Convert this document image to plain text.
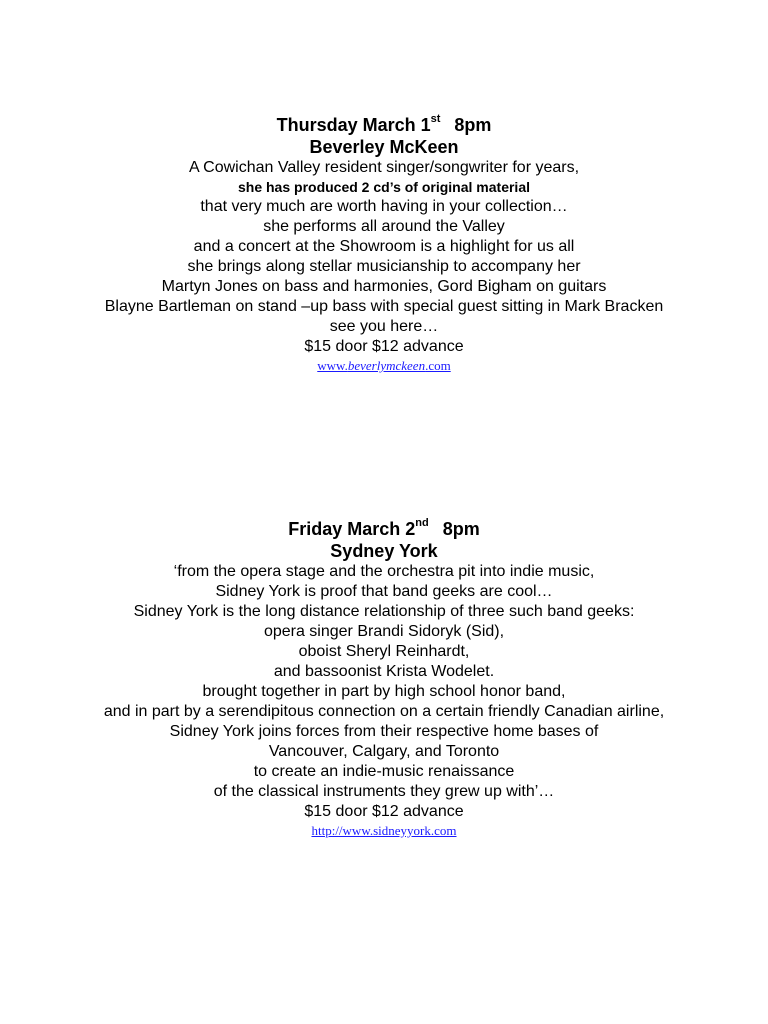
Thursday March 1st 8pm
Beverley McKeen
A Cowichan Valley resident singer/songwriter for years,
she has produced 2 cd’s of original material
that very much are worth having in your collection…
she performs all around the Valley
and a concert at the Showroom is a highlight for us all
she brings along stellar musicianship to accompany her
Martyn Jones on bass and harmonies, Gord Bigham on guitars
Blayne Bartleman on stand –up bass with special guest sitting in Mark Bracken
see you here…
$15 door $12 advance
www.beverlymckeen.com
Friday March 2nd 8pm
Sydney York
‘from the opera stage and the orchestra pit into indie music,
Sidney York is proof that band geeks are cool…
Sidney York is the long distance relationship of three such band geeks:
opera singer Brandi Sidoryk (Sid),
oboist Sheryl Reinhardt,
and bassoonist Krista Wodelet.
brought together in part by high school honor band,
and in part by a serendipitous connection on a certain friendly Canadian airline,
Sidney York joins forces from their respective home bases of
Vancouver, Calgary, and Toronto
to create an indie-music renaissance
of the classical instruments they grew up with’…
$15 door $12 advance
http://www.sidneyyork.com
